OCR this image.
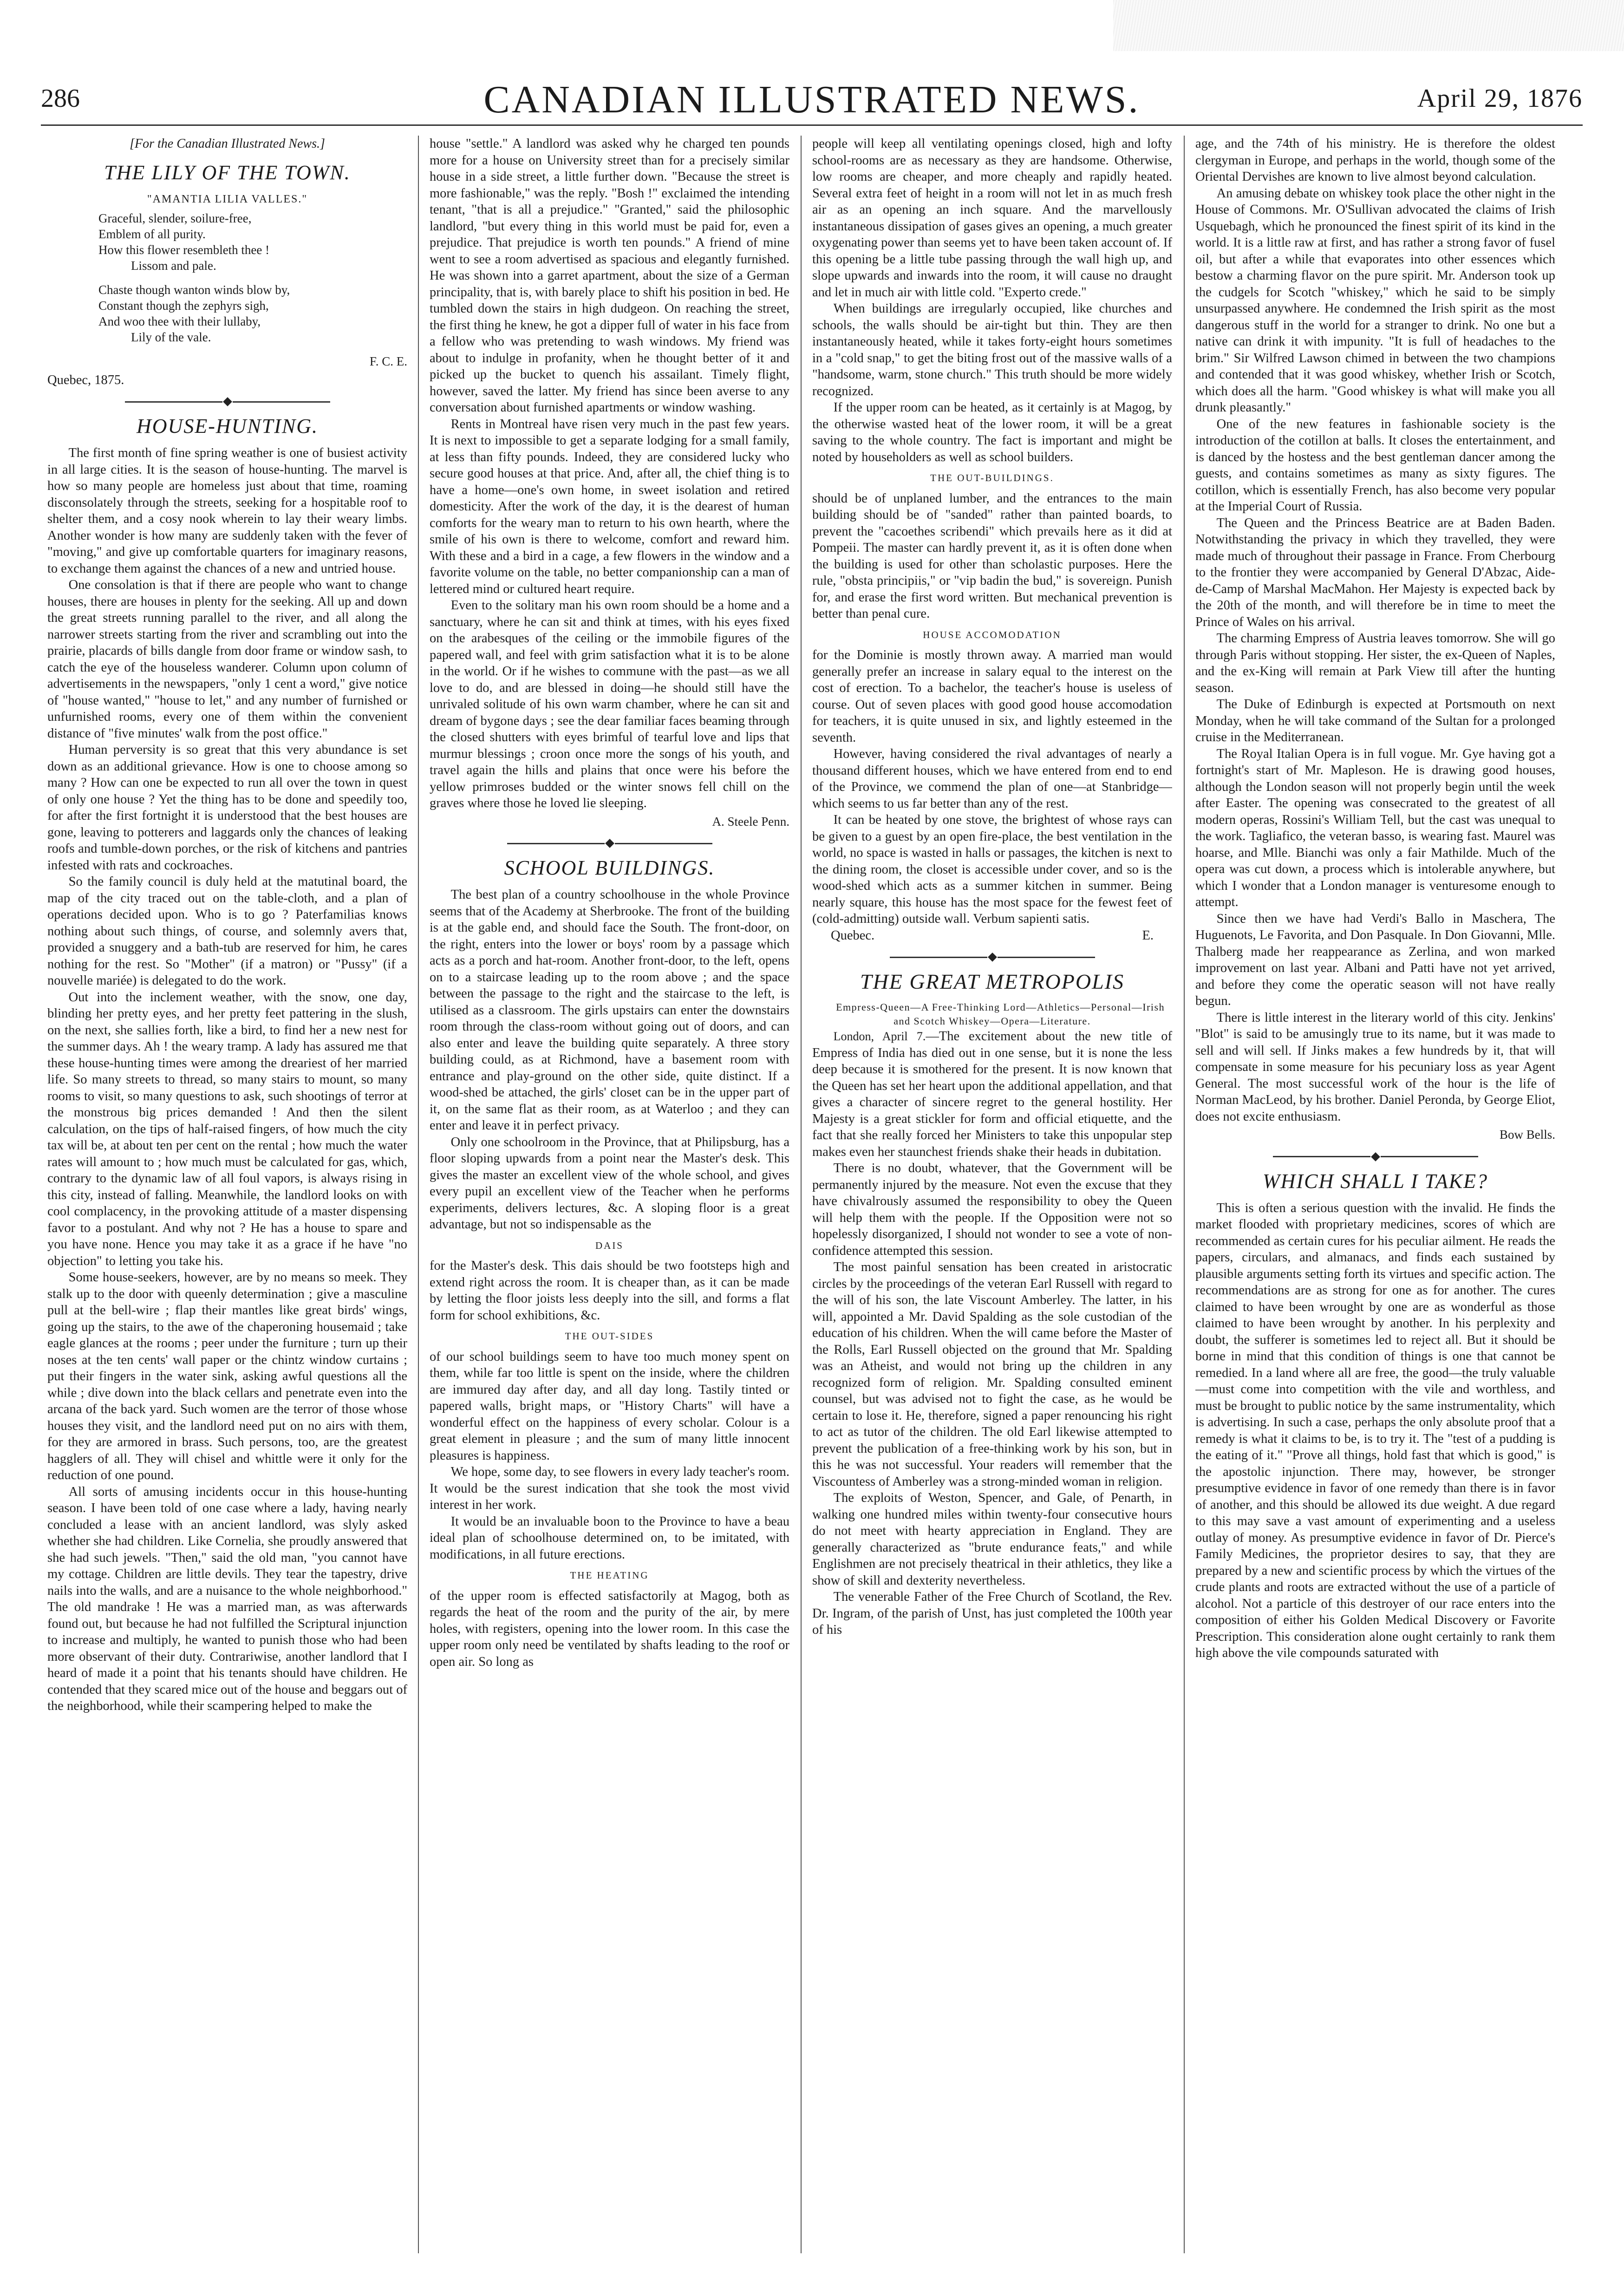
286	CANADIAN ILLUSTRATED NEWS.	April 29, 1876
[For the Canadian Illustrated News.]
THE LILY OF THE TOWN.
"AMANTIA LILIA VALLES."
Graceful, slender, soilure-free,
Emblem of all purity.
How this flower resembleth thee !
Lissom and pale.
Chaste though wanton winds blow by,
Constant though the zephyrs sigh,
And woo thee with their lullaby,
Lily of the vale.
F. C. E.

Quebec, 1875.

HOUSE-HUNTING.

The first month of fine spring weather is one of busiest activity in all large cities. It is the season of house-hunting. The marvel is how so many people are homeless just about that time, roaming disconsolately through the streets, seeking for a hospitable roof to shelter them, and a cosy nook wherein to lay their weary limbs. Another wonder is how many are suddenly taken with the fever of "moving," and give up comfortable quarters for imaginary reasons, to exchange them against the chances of a new and untried house.

One consolation is that if there are people who want to change houses, there are houses in plenty for the seeking. All up and down the great streets running parallel to the river, and all along the narrower streets starting from the river and scrambling out into the prairie, placards of bills dangle from door frame or window sash, to catch the eye of the houseless wanderer. Column upon column of advertisements in the newspapers, "only 1 cent a word," give notice of "house wanted," "house to let," and any number of furnished or unfurnished rooms, every one of them within the convenient distance of "five minutes' walk from the post office."

Human perversity is so great that this very abundance is set down as an additional grievance. How is one to choose among so many ? How can one be expected to run all over the town in quest of only one house ? Yet the thing has to be done and speedily too, for after the first fortnight it is understood that the best houses are gone, leaving to potterers and laggards only the chances of leaking roofs and tumble-down porches, or the risk of kitchens and pantries infested with rats and cockroaches.

So the family council is duly held at the matutinal board, the map of the city traced out on the table-cloth, and a plan of operations decided upon. Who is to go ? Paterfamilias knows nothing about such things, of course, and solemnly avers that, provided a snuggery and a bath-tub are reserved for him, he cares nothing for the rest. So "Mother" (if a matron) or "Pussy" (if a nouvelle mariée) is delegated to do the work.

Out into the inclement weather, with the snow, one day, blinding her pretty eyes, and her pretty feet pattering in the slush, on the next, she sallies forth, like a bird, to find her a new nest for the summer days. Ah ! the weary tramp. A lady has assured me that these house-hunting times were among the dreariest of her married life. So many streets to thread, so many stairs to mount, so many rooms to visit, so many questions to ask, such shootings of terror at the monstrous big prices demanded ! And then the silent calculation, on the tips of half-raised fingers, of how much the city tax will be, at about ten per cent on the rental ; how much the water rates will amount to ; how much must be calculated for gas, which, contrary to the dynamic law of all foul vapors, is always rising in this city, instead of falling. Meanwhile, the landlord looks on with cool complacency, in the provoking attitude of a master dispensing favor to a postulant. And why not ? He has a house to spare and you have none. Hence you may take it as a grace if he have "no objection" to letting you take his.

Some house-seekers, however, are by no means so meek. They stalk up to the door with queenly determination ; give a masculine pull at the bell-wire ; flap their mantles like great birds' wings, going up the stairs, to the awe of the chaperoning housemaid ; take eagle glances at the rooms ; peer under the furniture ; turn up their noses at the ten cents' wall paper or the chintz window curtains ; put their fingers in the water sink, asking awful questions all the while ; dive down into the black cellars and penetrate even into the arcana of the back yard. Such women are the terror of those whose houses they visit, and the landlord need put on no airs with them, for they are armored in brass. Such persons, too, are the greatest hagglers of all. They will chisel and whittle were it only for the reduction of one pound.

All sorts of amusing incidents occur in this house-hunting season. I have been told of one case where a lady, having nearly concluded a lease with an ancient landlord, was slyly asked whether she had children. Like Cornelia, she proudly answered that she had such jewels. "Then," said the old man, "you cannot have my cottage. Children are little devils. They tear the tapestry, drive nails into the walls, and are a nuisance to the whole neighborhood." The old mandrake ! He was a married man, as was afterwards found out, but because he had not fulfilled the Scriptural injunction to increase and multiply, he wanted to punish those who had been more observant of their duty. Contrariwise, another landlord that I heard of made it a point that his tenants should have children. He contended that they scared mice out of the house and beggars out of the neighborhood, while their scampering helped to make the

house "settle." A landlord was asked why he charged ten pounds more for a house on University street than for a precisely similar house in a side street, a little further down. "Because the street is more fashionable," was the reply. "Bosh !" exclaimed the intending tenant, "that is all a prejudice." "Granted," said the philosophic landlord, "but every thing in this world must be paid for, even a prejudice. That prejudice is worth ten pounds." A friend of mine went to see a room advertised as spacious and elegantly furnished. He was shown into a garret apartment, about the size of a German principality, that is, with barely place to shift his position in bed. He tumbled down the stairs in high dudgeon. On reaching the street, the first thing he knew, he got a dipper full of water in his face from a fellow who was pretending to wash windows. My friend was about to indulge in profanity, when he thought better of it and picked up the bucket to quench his assailant. Timely flight, however, saved the latter. My friend has since been averse to any conversation about furnished apartments or window washing.

Rents in Montreal have risen very much in the past few years. It is next to impossible to get a separate lodging for a small family, at less than fifty pounds. Indeed, they are considered lucky who secure good houses at that price. And, after all, the chief thing is to have a home—one's own home, in sweet isolation and retired domesticity. After the work of the day, it is the dearest of human comforts for the weary man to return to his own hearth, where the smile of his own is there to welcome, comfort and reward him. With these and a bird in a cage, a few flowers in the window and a favorite volume on the table, no better companionship can a man of lettered mind or cultured heart require.

Even to the solitary man his own room should be a home and a sanctuary, where he can sit and think at times, with his eyes fixed on the arabesques of the ceiling or the immobile figures of the papered wall, and feel with grim satisfaction what it is to be alone in the world. Or if he wishes to commune with the past—as we all love to do, and are blessed in doing—he should still have the unrivaled solitude of his own warm chamber, where he can sit and dream of bygone days ; see the dear familiar faces beaming through the closed shutters with eyes brimful of tearful love and lips that murmur blessings ; croon once more the songs of his youth, and travel again the hills and plains that once were his before the yellow primroses budded or the winter snows fell chill on the graves where those he loved lie sleeping.

A. Steele Penn.
SCHOOL BUILDINGS.

The best plan of a country schoolhouse in the whole Province seems that of the Academy at Sherbrooke. The front of the building is at the gable end, and should face the South. The front-door, on the right, enters into the lower or boys' room by a passage which acts as a porch and hat-room. Another front-door, to the left, opens on to a staircase leading up to the room above ; and the space between the passage to the right and the staircase to the left, is utilised as a classroom. The girls upstairs can enter the downstairs room through the class-room without going out of doors, and can also enter and leave the building quite separately. A three story building could, as at Richmond, have a basement room with entrance and play-ground on the other side, quite distinct. If a wood-shed be attached, the girls' closet can be in the upper part of it, on the same flat as their room, as at Waterloo ; and they can enter and leave it in perfect privacy.

Only one schoolroom in the Province, that at Philipsburg, has a floor sloping upwards from a point near the Master's desk. This gives the master an excellent view of the whole school, and gives every pupil an excellent view of the Teacher when he performs experiments, delivers lectures, &c. A sloping floor is a great advantage, but not so indispensable as the

DAIS

for the Master's desk. This dais should be two footsteps high and extend right across the room. It is cheaper than, as it can be made by letting the floor joists less deeply into the sill, and forms a flat form for school exhibitions, &c.

THE OUT-SIDES

of our school buildings seem to have too much money spent on them, while far too little is spent on the inside, where the children are immured day after day, and all day long. Tastily tinted or papered walls, bright maps, or "History Charts" will have a wonderful effect on the happiness of every scholar. Colour is a great element in pleasure ; and the sum of many little innocent pleasures is happiness.

We hope, some day, to see flowers in every lady teacher's room. It would be the surest indication that she took the most vivid interest in her work.

It would be an invaluable boon to the Province to have a beau ideal plan of schoolhouse determined on, to be imitated, with modifications, in all future erections.

THE HEATING

of the upper room is effected satisfactorily at Magog, both as regards the heat of the room and the purity of the air, by mere holes, with registers, opening into the lower room. In this case the upper room only need be ventilated by shafts leading to the roof or open air. So long as

people will keep all ventilating openings closed, high and lofty school-rooms are as necessary as they are handsome. Otherwise, low rooms are cheaper, and more cheaply and rapidly heated. Several extra feet of height in a room will not let in as much fresh air as an opening an inch square. And the marvellously instantaneous dissipation of gases gives an opening, a much greater oxygenating power than seems yet to have been taken account of. If this opening be a little tube passing through the wall high up, and slope upwards and inwards into the room, it will cause no draught and let in much air with little cold. "Experto crede."

When buildings are irregularly occupied, like churches and schools, the walls should be air-tight but thin. They are then instantaneously heated, while it takes forty-eight hours sometimes in a "cold snap," to get the biting frost out of the massive walls of a "handsome, warm, stone church." This truth should be more widely recognized.

If the upper room can be heated, as it certainly is at Magog, by the otherwise wasted heat of the lower room, it will be a great saving to the whole country. The fact is important and might be noted by householders as well as school builders.

THE OUT-BUILDINGS.

should be of unplaned lumber, and the entrances to the main building should be of "sanded" rather than painted boards, to prevent the "cacoethes scribendi" which prevails here as it did at Pompeii. The master can hardly prevent it, as it is often done when the building is used for other than scholastic purposes. Here the rule, "obsta principiis," or "vip badin the bud," is sovereign. Punish for, and erase the first word written. But mechanical prevention is better than penal cure.

HOUSE ACCOMODATION

for the Dominie is mostly thrown away. A married man would generally prefer an increase in salary equal to the interest on the cost of erection. To a bachelor, the teacher's house is useless of course. Out of seven places with good good house accomodation for teachers, it is quite unused in six, and lightly esteemed in the seventh.

However, having considered the rival advantages of nearly a thousand different houses, which we have entered from end to end of the Province, we commend the plan of one—at Stanbridge—which seems to us far better than any of the rest.

It can be heated by one stove, the brightest of whose rays can be given to a guest by an open fire-place, the best ventilation in the world, no space is wasted in halls or passages, the kitchen is next to the dining room, the closet is accessible under cover, and so is the wood-shed which acts as a summer kitchen in summer. Being nearly square, this house has the most space for the fewest feet of (cold-admitting) outside wall. Verbum sapienti satis.

Quebec.	E.
THE GREAT METROPOLIS

Empress-Queen—A Free-Thinking Lord—Athletics—Personal—Irish and Scotch Whiskey—Opera—Literature.

London, April 7.—The excitement about the new title of Empress of India has died out in one sense, but it is none the less deep because it is smothered for the present. It is now known that the Queen has set her heart upon the additional appellation, and that gives a character of sincere regret to the general hostility. Her Majesty is a great stickler for form and official etiquette, and the fact that she really forced her Ministers to take this unpopular step makes even her staunchest friends shake their heads in dubitation.

There is no doubt, whatever, that the Government will be permanently injured by the measure. Not even the excuse that they have chivalrously assumed the responsibility to obey the Queen will help them with the people. If the Opposition were not so hopelessly disorganized, I should not wonder to see a vote of non-confidence attempted this session.

The most painful sensation has been created in aristocratic circles by the proceedings of the veteran Earl Russell with regard to the will of his son, the late Viscount Amberley. The latter, in his will, appointed a Mr. David Spalding as the sole custodian of the education of his children. When the will came before the Master of the Rolls, Earl Russell objected on the ground that Mr. Spalding was an Atheist, and would not bring up the children in any recognized form of religion. Mr. Spalding consulted eminent counsel, but was advised not to fight the case, as he would be certain to lose it. He, therefore, signed a paper renouncing his right to act as tutor of the children. The old Earl likewise attempted to prevent the publication of a free-thinking work by his son, but in this he was not successful. Your readers will remember that the Viscountess of Amberley was a strong-minded woman in religion.

The exploits of Weston, Spencer, and Gale, of Penarth, in walking one hundred miles within twenty-four consecutive hours do not meet with hearty appreciation in England. They are generally characterized as "brute endurance feats," and while Englishmen are not precisely theatrical in their athletics, they like a show of skill and dexterity nevertheless.

The venerable Father of the Free Church of Scotland, the Rev. Dr. Ingram, of the parish of Unst, has just completed the 100th year of his

age, and the 74th of his ministry. He is therefore the oldest clergyman in Europe, and perhaps in the world, though some of the Oriental Dervishes are known to live almost beyond calculation.

An amusing debate on whiskey took place the other night in the House of Commons. Mr. O'Sullivan advocated the claims of Irish Usquebagh, which he pronounced the finest spirit of its kind in the world. It is a little raw at first, and has rather a strong favor of fusel oil, but after a while that evaporates into other essences which bestow a charming flavor on the pure spirit. Mr. Anderson took up the cudgels for Scotch "whiskey," which he said to be simply unsurpassed anywhere. He condemned the Irish spirit as the most dangerous stuff in the world for a stranger to drink. No one but a native can drink it with impunity. "It is full of headaches to the brim." Sir Wilfred Lawson chimed in between the two champions and contended that it was good whiskey, whether Irish or Scotch, which does all the harm. "Good whiskey is what will make you all drunk pleasantly."

One of the new features in fashionable society is the introduction of the cotillon at balls. It closes the entertainment, and is danced by the hostess and the best gentleman dancer among the guests, and contains sometimes as many as sixty figures. The cotillon, which is essentially French, has also become very popular at the Imperial Court of Russia.

The Queen and the Princess Beatrice are at Baden Baden. Notwithstanding the privacy in which they travelled, they were made much of throughout their passage in France. From Cherbourg to the frontier they were accompanied by General D'Abzac, Aide-de-Camp of Marshal MacMahon. Her Majesty is expected back by the 20th of the month, and will therefore be in time to meet the Prince of Wales on his arrival.

The charming Empress of Austria leaves tomorrow. She will go through Paris without stopping. Her sister, the ex-Queen of Naples, and the ex-King will remain at Park View till after the hunting season.

The Duke of Edinburgh is expected at Portsmouth on next Monday, when he will take command of the Sultan for a prolonged cruise in the Mediterranean.

The Royal Italian Opera is in full vogue. Mr. Gye having got a fortnight's start of Mr. Mapleson. He is drawing good houses, although the London season will not properly begin until the week after Easter. The opening was consecrated to the greatest of all modern operas, Rossini's William Tell, but the cast was unequal to the work. Tagliafico, the veteran basso, is wearing fast. Maurel was hoarse, and Mlle. Bianchi was only a fair Mathilde. Much of the opera was cut down, a process which is intolerable anywhere, but which I wonder that a London manager is venturesome enough to attempt.

Since then we have had Verdi's Ballo in Maschera, The Huguenots, Le Favorita, and Don Pasquale. In Don Giovanni, Mlle. Thalberg made her reappearance as Zerlina, and won marked improvement on last year. Albani and Patti have not yet arrived, and before they come the operatic season will not have really begun.

There is little interest in the literary world of this city. Jenkins' "Blot" is said to be amusingly true to its name, but it was made to sell and will sell. If Jinks makes a few hundreds by it, that will compensate in some measure for his pecuniary loss as year Agent General. The most successful work of the hour is the life of Norman MacLeod, by his brother. Daniel Peronda, by George Eliot, does not excite enthusiasm.

Bow Bells.
WHICH SHALL I TAKE?

This is often a serious question with the invalid. He finds the market flooded with proprietary medicines, scores of which are recommended as certain cures for his peculiar ailment. He reads the papers, circulars, and almanacs, and finds each sustained by plausible arguments setting forth its virtues and specific action. The recommendations are as strong for one as for another. The cures claimed to have been wrought by one are as wonderful as those claimed to have been wrought by another. In his perplexity and doubt, the sufferer is sometimes led to reject all. But it should be borne in mind that this condition of things is one that cannot be remedied. In a land where all are free, the good—the truly valuable—must come into competition with the vile and worthless, and must be brought to public notice by the same instrumentality, which is advertising. In such a case, perhaps the only absolute proof that a remedy is what it claims to be, is to try it. The "test of a pudding is the eating of it." "Prove all things, hold fast that which is good," is the apostolic injunction. There may, however, be stronger presumptive evidence in favor of one remedy than there is in favor of another, and this should be allowed its due weight. A due regard to this may save a vast amount of experimenting and a useless outlay of money. As presumptive evidence in favor of Dr. Pierce's Family Medicines, the proprietor desires to say, that they are prepared by a new and scientific process by which the virtues of the crude plants and roots are extracted without the use of a particle of alcohol. Not a particle of this destroyer of our race enters into the composition of either his Golden Medical Discovery or Favorite Prescription. This consideration alone ought certainly to rank them high above the vile compounds saturated with
